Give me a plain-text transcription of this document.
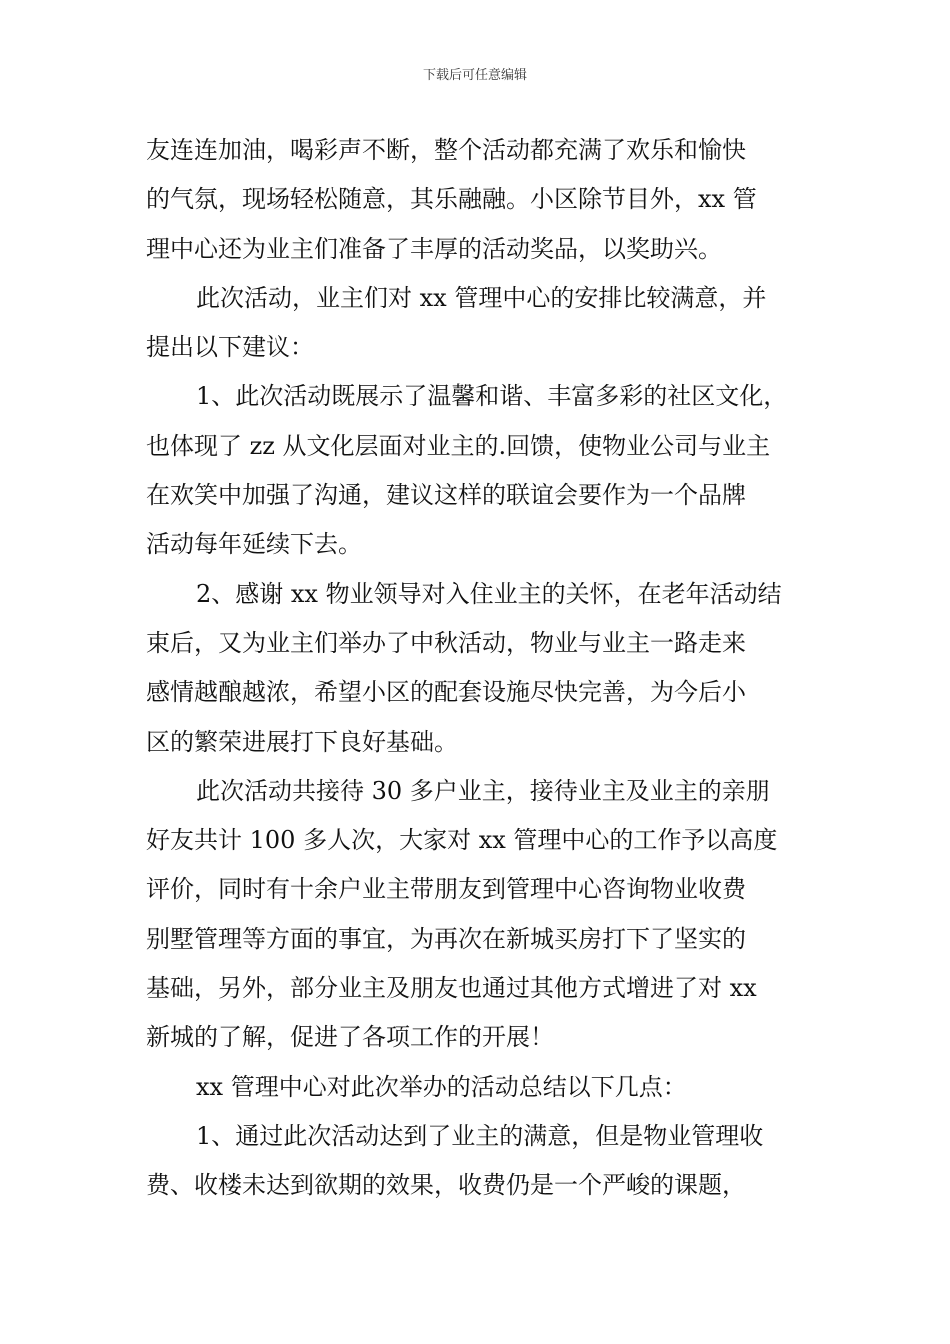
下载后可任意编辑
友连连加油，喝彩声不断，整个活动都充满了欢乐和愉快
的气氛，现场轻松随意，其乐融融。小区除节目外，xx 管
理中心还为业主们准备了丰厚的活动奖品，以奖助兴。
此次活动，业主们对 xx 管理中心的安排比较满意，并
提出以下建议：
1、此次活动既展示了温馨和谐、丰富多彩的社区文化，
也体现了 zz 从文化层面对业主的.回馈，使物业公司与业主
在欢笑中加强了沟通，建议这样的联谊会要作为一个品牌
活动每年延续下去。
2、感谢 xx 物业领导对入住业主的关怀，在老年活动结
束后，又为业主们举办了中秋活动，物业与业主一路走来
感情越酿越浓，希望小区的配套设施尽快完善，为今后小
区的繁荣进展打下良好基础。
此次活动共接待 30 多户业主，接待业主及业主的亲朋
好友共计 100 多人次，大家对 xx 管理中心的工作予以高度
评价，同时有十余户业主带朋友到管理中心咨询物业收费
别墅管理等方面的事宜，为再次在新城买房打下了坚实的
基础，另外，部分业主及朋友也通过其他方式增进了对 xx
新城的了解，促进了各项工作的开展！
xx 管理中心对此次举办的活动总结以下几点：
1、通过此次活动达到了业主的满意，但是物业管理收
费、收楼未达到欲期的效果，收费仍是一个严峻的课题，
